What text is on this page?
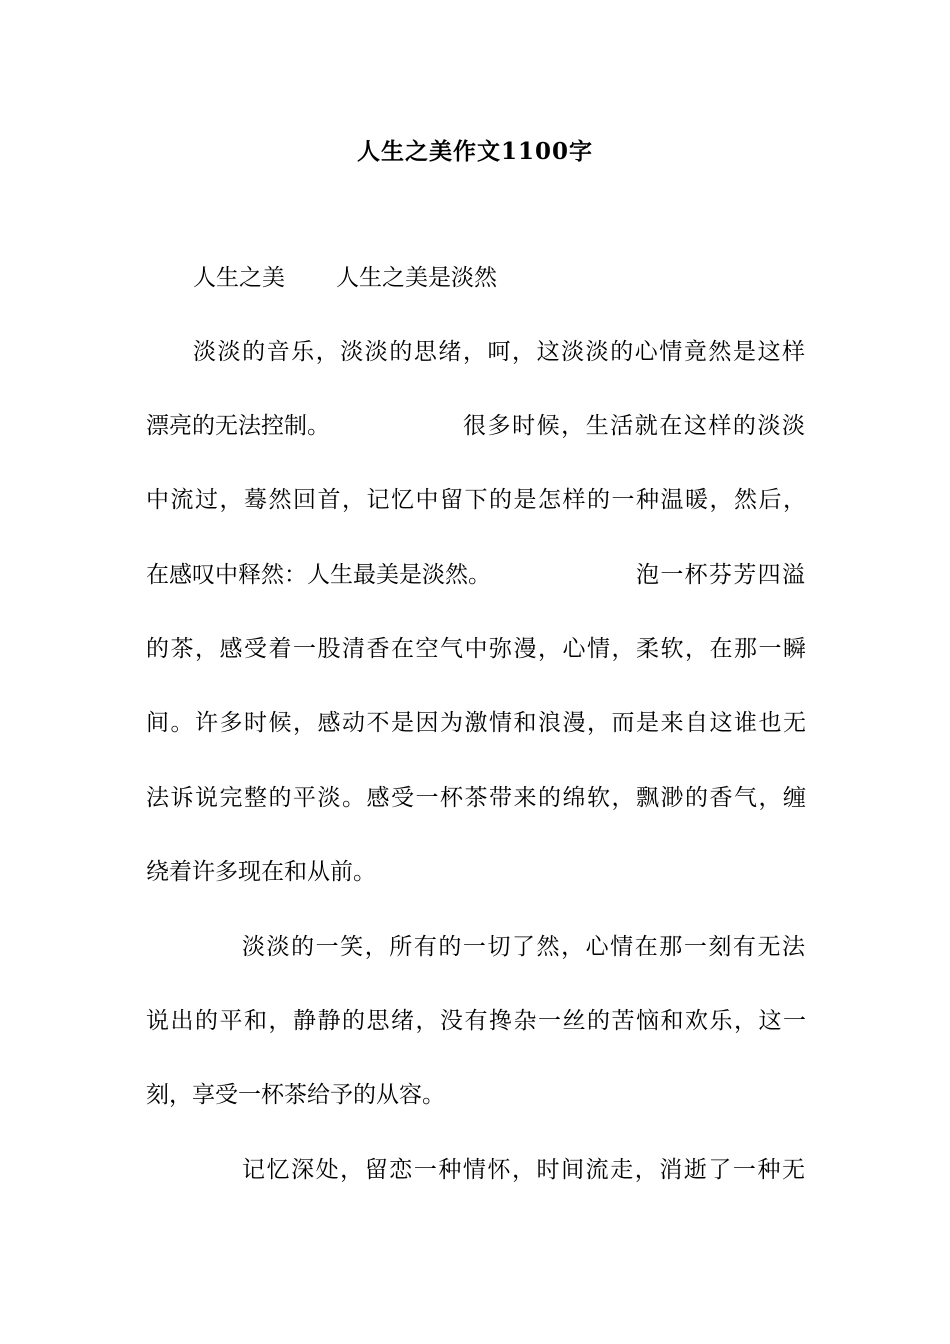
人生之美作文1100字
人生之美 人生之美是淡然
淡淡的音乐，淡淡的思绪，呵，这淡淡的心情竟然是这样
漂亮的无法控制。	很多时候，生活就在这样的淡淡
中流过，蓦然回首，记忆中留下的是怎样的一种温暖，然后，
在感叹中释然：人生最美是淡然。	泡一杯芬芳四溢
的茶，感受着一股清香在空气中弥漫，心情，柔软，在那一瞬
间。许多时候，感动不是因为激情和浪漫，而是来自这谁也无
法诉说完整的平淡。感受一杯茶带来的绵软，飘渺的香气，缠
绕着许多现在和从前。
淡淡的一笑，所有的一切了然，心情在那一刻有无法
说出的平和，静静的思绪，没有搀杂一丝的苦恼和欢乐，这一
刻，享受一杯茶给予的从容。
记忆深处，留恋一种情怀，时间流走，消逝了一种无
